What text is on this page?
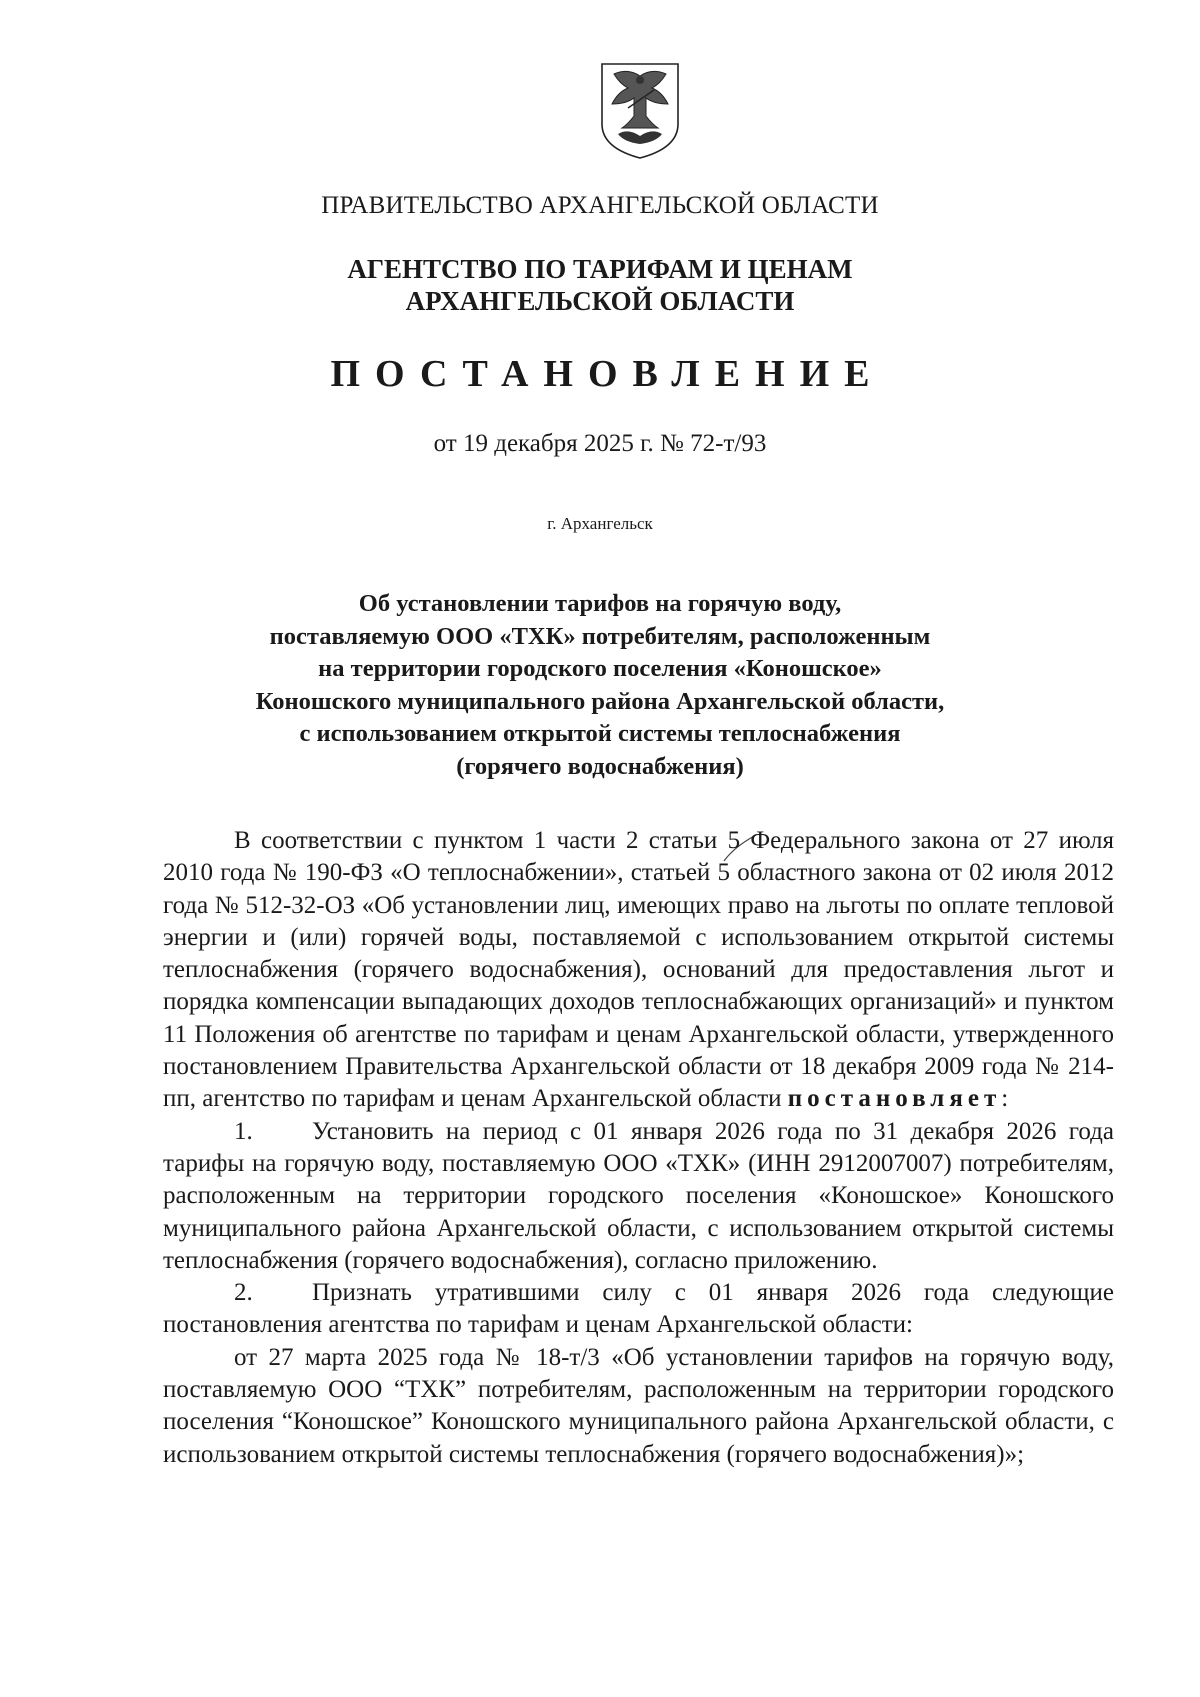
ПРАВИТЕЛЬСТВО АРХАНГЕЛЬСКОЙ ОБЛАСТИ
АГЕНТСТВО ПО ТАРИФАМ И ЦЕНАМ
АРХАНГЕЛЬСКОЙ ОБЛАСТИ
ПОСТАНОВЛЕНИЕ
от 19 декабря 2025 г. № 72-т/93
г. Архангельск
Об установлении тарифов на горячую воду,
поставляемую ООО «ТХК» потребителям, расположенным
на территории городского поселения «Коношское»
Коношского муниципального района Архангельской области,
с использованием открытой системы теплоснабжения
(горячего водоснабжения)

В соответствии с пунктом 1 части 2 статьи 5 Федерального закона от 27 июля 2010 года № 190-ФЗ «О теплоснабжении», статьей 5 областного закона от 02 июля 2012 года № 512-32-ОЗ «Об установлении лиц, имеющих право на льготы по оплате тепловой энергии и (или) горячей воды, поставляемой с использованием открытой системы теплоснабжения (горячего водоснабжения), оснований для предоставления льгот и порядка компенсации выпадающих доходов теплоснабжающих организаций» и пунктом 11 Положения об агентстве по тарифам и ценам Архангельской области, утвержденного постановлением Правительства Архангельской области от 18 декабря 2009 года № 214-пп, агентство по тарифам и ценам Архангельской области постановляет:

1. Установить на период с 01 января 2026 года по 31 декабря 2026 года тарифы на горячую воду, поставляемую ООО «ТХК» (ИНН 2912007007) потребителям, расположенным на территории городского поселения «Коношское» Коношского муниципального района Архангельской области, с использованием открытой системы теплоснабжения (горячего водоснабжения), согласно приложению.

2. Признать утратившими силу с 01 января 2026 года следующие постановления агентства по тарифам и ценам Архангельской области:

от 27 марта 2025 года № 18-т/3 «Об установлении тарифов на горячую воду, поставляемую ООО “ТХК” потребителям, расположенным на территории городского поселения “Коношское” Коношского муниципального района Архангельской области, с использованием открытой системы теплоснабжения (горячего водоснабжения)»;
